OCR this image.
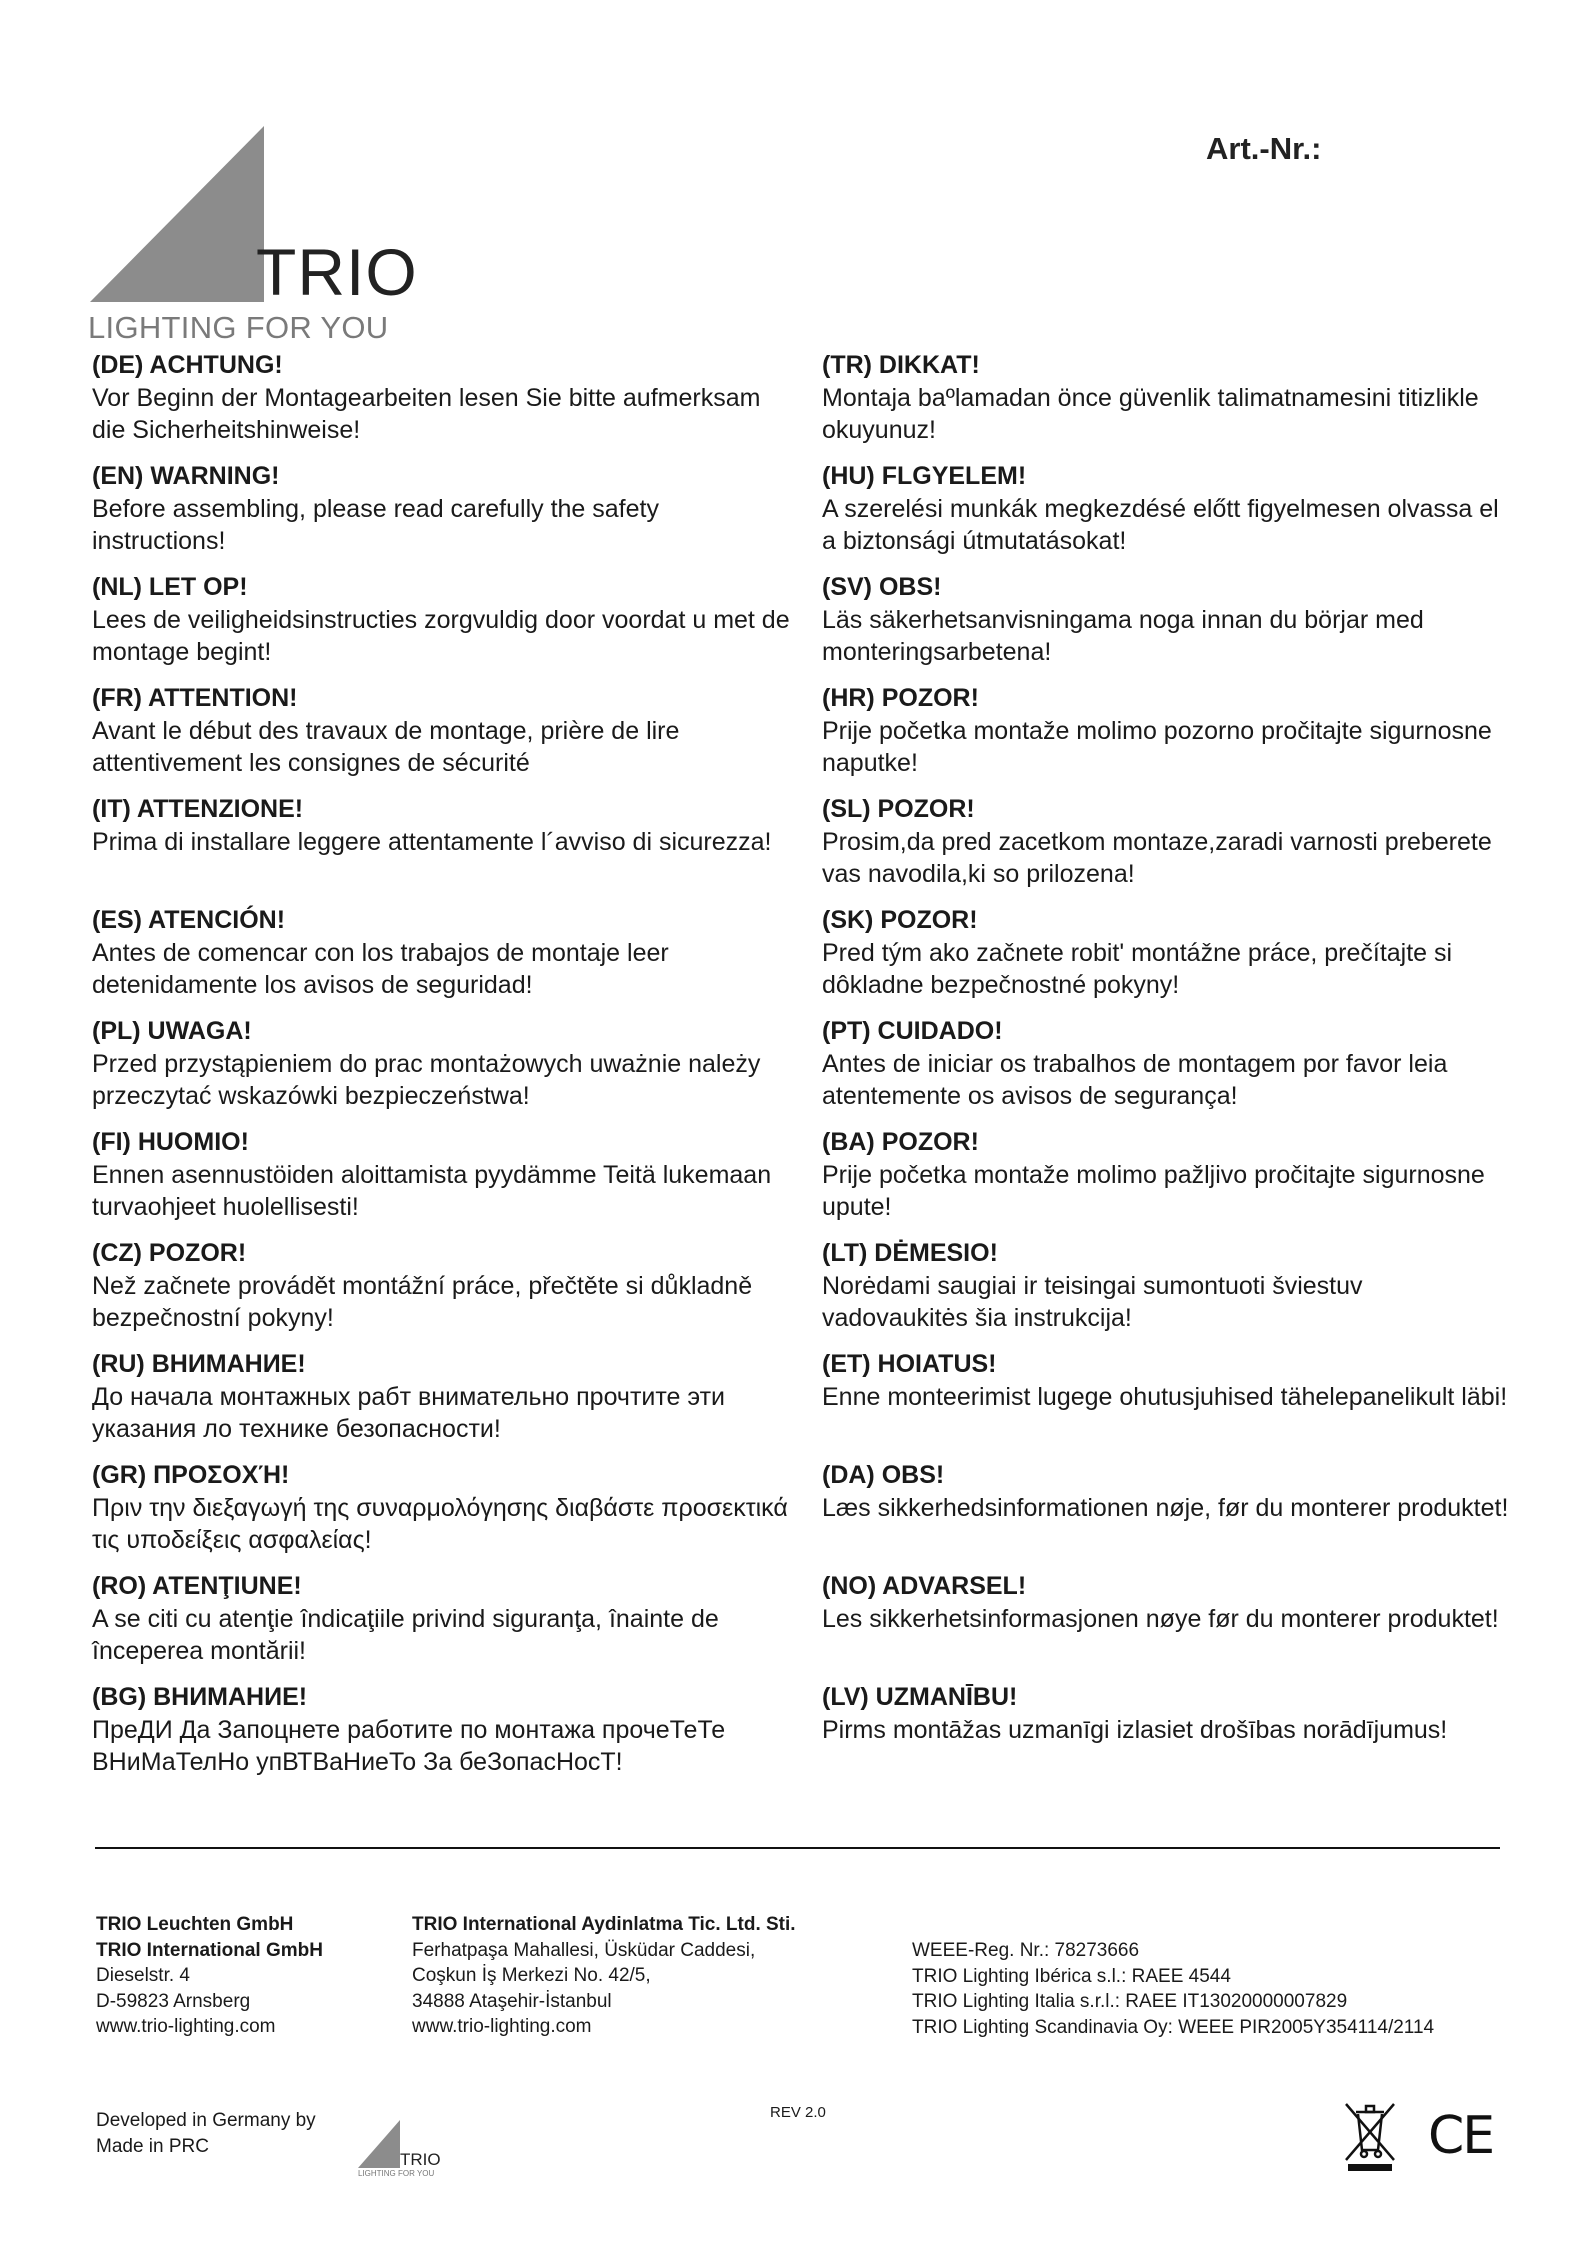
TRIO
LIGHTING FOR YOU
Art.-Nr.:
(DE) ACHTUNG!
Vor Beginn der Montagearbeiten lesen Sie bitte aufmerksam die Sicherheitshinweise!
(EN) WARNING!
Before assembling, please read carefully the safety instructions!
(NL) LET OP!
Lees de veiligheidsinstructies zorgvuldig door voordat u met de montage begint!
(FR) ATTENTION!
Avant le début des travaux de montage, prière de lire attentivement les consignes de sécurité
(IT) ATTENZIONE!
Prima di installare leggere attentamente l´avviso di sicurezza!
(ES) ATENCIÓN!
Antes de comencar con los trabajos de montaje leer detenidamente los avisos de seguridad!
(PL) UWAGA!
Przed przystąpieniem do prac montażowych uważnie należy przeczytać wskazówki bezpieczeństwa!
(FI) HUOMIO!
Ennen asennustöiden aloittamista pyydämme Teitä lukemaan turvaohjeet huolellisesti!
(CZ) POZOR!
Než začnete provádět montážní práce, přečtěte si důkladně bezpečnostní pokyny!
(RU) ВНИМАНИЕ!
До начала монтажных рабт внимательно прочтите эти указания ло технике безопасности!
(GR) ΠΡΟΣΟΧΉ!
Πριν την διεξαγωγή της συναρμολόγησης διαβάστε προσεκτικά τις υποδείξεις ασφαλείας!
(RO) ATENŢIUNE!
A se citi cu atenţie îndicaţiile privind siguranţa, înainte de începerea montării!
(BG) ВНИМАНИЕ!
ПреДИ Да Запоцнете работите по монтажа прочеТеТе ВНиМаТелНо упВТВаНиеТо За беЗопасНосТ!
(TR) DIKKAT!
Montaja baºlamadan önce güvenlik talimatnamesini titizlikle okuyunuz!
(HU) FLGYELEM!
A szerelési munkák megkezdésé előtt figyelmesen olvassa el a biztonsági útmutatásokat!
(SV) OBS!
Läs säkerhetsanvisningama noga innan du börjar med monteringsarbetena!
(HR) POZOR!
Prije početka montaže molimo pozorno pročitajte sigurnosne naputke!
(SL) POZOR!
Prosim,da pred zacetkom montaze,zaradi varnosti preberete vas navodila,ki so prilozena!
(SK) POZOR!
Pred tým ako začnete robit' montážne práce, prečítajte si dôkladne bezpečnostné pokyny!
(PT) CUIDADO!
Antes de iniciar os trabalhos de montagem por favor leia atentemente os avisos de segurança!
(BA) POZOR!
Prije početka montaže molimo pažljivo pročitajte sigurnosne upute!
(LT) DĖMESIO!
Norėdami saugiai ir teisingai sumontuoti šviestuv vadovaukitės šia instrukcija!
(ET) HOIATUS!
Enne monteerimist lugege ohutusjuhised tähelepanelikult läbi!
(DA) OBS!
Læs sikkerhedsinformationen nøje, før du monterer produktet!
(NO) ADVARSEL!
Les sikkerhetsinformasjonen nøye før du monterer produktet!
(LV) UZMANĪBU!
Pirms montāžas uzmanīgi izlasiet drošības norādījumus!
TRIO Leuchten GmbH
TRIO International GmbH
Dieselstr. 4
D-59823 Arnsberg
www.trio-lighting.com
TRIO International Aydinlatma Tic. Ltd. Sti.
Ferhatpaşa Mahallesi, Üsküdar Caddesi,
Coşkun İş Merkezi No. 42/5,
34888 Ataşehir-İstanbul
www.trio-lighting.com
WEEE-Reg. Nr.: 78273666
TRIO Lighting Ibérica s.l.: RAEE 4544
TRIO Lighting Italia s.r.l.: RAEE IT13020000007829
TRIO Lighting Scandinavia Oy: WEEE PIR2005Y354114/2114
Developed in Germany by
Made in PRC
TRIO
LIGHTING FOR YOU
REV 2.0	CE
